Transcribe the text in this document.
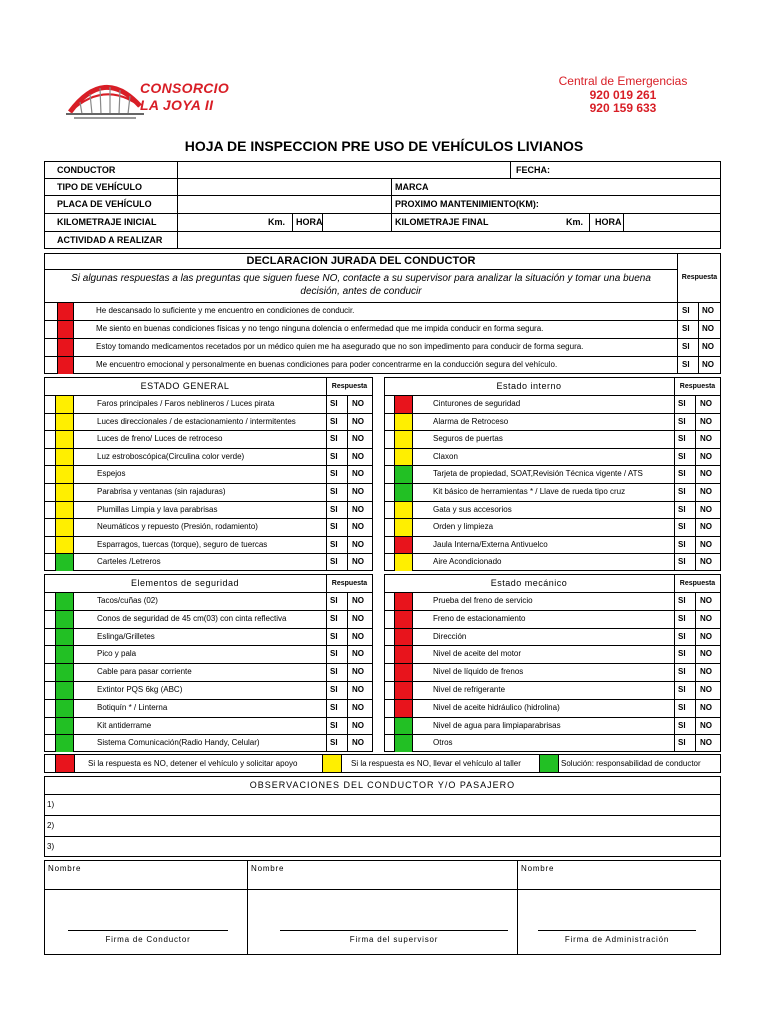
CONSORCIO
LA JOYA II
Central de Emergencias
920 019 261
920 159 633
HOJA DE INSPECCION PRE USO DE VEHÍCULOS LIVIANOS
CONDUCTOR	FECHA:
TIPO DE VEHÍCULO	MARCA
PLACA DE VEHÍCULO	PROXIMO MANTENIMIENTO(KM):
KILOMETRAJE INICIAL	Km. HORA	KILOMETRAJE FINAL	Km. HORA
ACTIVIDAD A REALIZAR
DECLARACION JURADA DEL CONDUCTOR
Si algunas respuestas a las preguntas que siguen fuese NO, contacte a su supervisor para analizar la situación y tomar una buena decisión, antes de conducir
Respuesta
He descansado lo suficiente y me encuentro en condiciones de conducir.	SI NO
Me siento en buenas condiciones físicas y no tengo ninguna dolencia o enfermedad que me impida conducir en forma segura.	SI NO
Estoy tomando medicamentos recetados por un médico quien me ha asegurado que no son impedimento para conducir de forma segura.	SI NO
Me encuentro emocional y personalmente en buenas condiciones para poder concentrarme en la conducción segura del vehículo.	SI NO
ESTADO GENERAL	Respuesta
Faros principales / Faros neblineros / Luces pirata	SI NO
Luces direccionales / de estacionamiento / intermitentes	SI NO
Luces de freno/ Luces de retroceso	SI NO
Luz estroboscópica(Circulina color verde)	SI NO
Espejos	SI NO
Parabrisa y ventanas (sin rajaduras)	SI NO
Plumillas Limpia y lava parabrisas	SI NO
Neumáticos y repuesto (Presión, rodamiento)	SI NO
Esparragos, tuercas (torque), seguro de tuercas	SI NO
Carteles /Letreros	SI NO
Estado interno	Respuesta
Cinturones de seguridad	SI NO
Alarma de Retroceso	SI NO
Seguros de puertas	SI NO
Claxon	SI NO
Tarjeta de propiedad, SOAT,Revisión Técnica vigente / ATS	SI NO
Kit básico de herramientas * / Llave de rueda tipo cruz	SI NO
Gata y sus accesorios	SI NO
Orden y limpieza	SI NO
Jaula Interna/Externa Antivuelco	SI NO
Aire Acondicionado	SI NO
Elementos de seguridad	Respuesta
Tacos/cuñas (02)	SI NO
Conos de seguridad de 45 cm(03) con cinta reflectiva	SI NO
Eslinga/Grilletes	SI NO
Pico y pala	SI NO
Cable para pasar corriente	SI NO
Extintor PQS 6kg (ABC)	SI NO
Botiquín * / Linterna	SI NO
Kit antiderrame	SI NO
Sistema Comunicación(Radio Handy, Celular)	SI NO
Estado mecánico	Respuesta
Prueba del freno de servicio	SI NO
Freno de estacionamiento	SI NO
Dirección	SI NO
Nivel de aceite del motor	SI NO
Nivel de líquido de frenos	SI NO
Nivel de refrigerante	SI NO
Nivel de aceite hidráulico (hidrolina)	SI NO
Nivel de agua para limpiaparabrisas	SI NO
Otros	SI NO
Si la respuesta es NO, detener el vehículo y solicitar apoyo	Si la respuesta es NO, llevar el vehículo al taller	Solución: responsabilidad de conductor
OBSERVACIONES DEL CONDUCTOR Y/O PASAJERO
1)
2)
3)
Nombre	Nombre	Nombre
Firma de Conductor	Firma del supervisor	Firma de Administración
